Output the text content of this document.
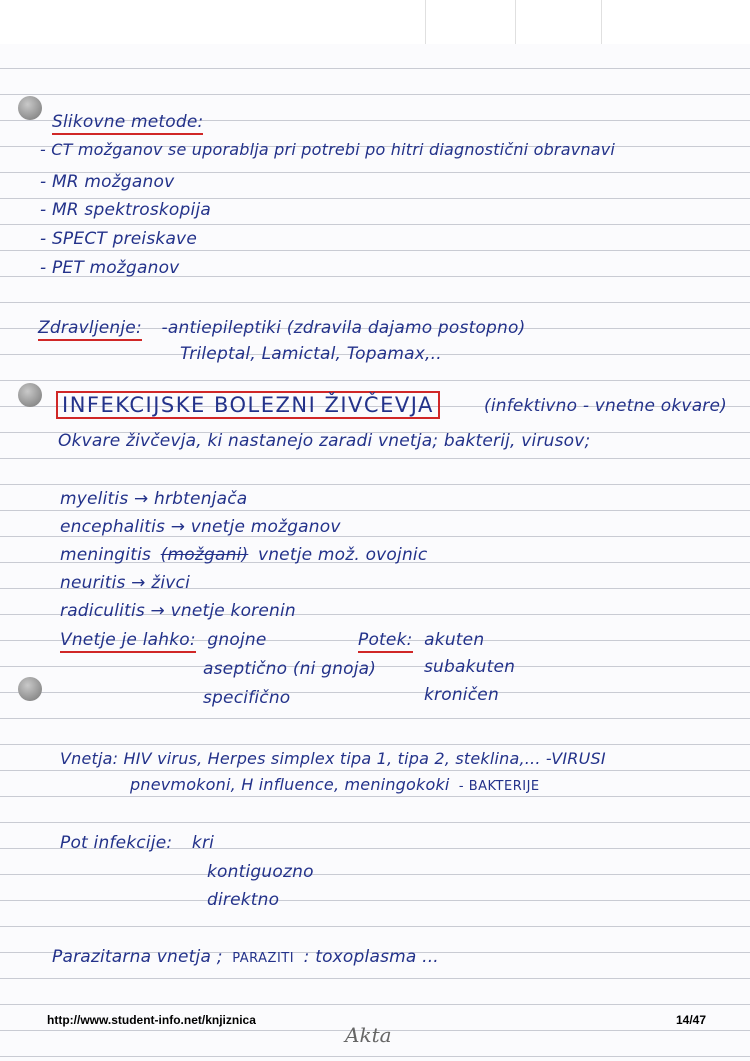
Slikovne metode:
- CT možganov se uporablja pri potrebi po hitri diagnostični obravnavi
- MR možganov
- MR spektroskopija
- SPECT preiskave
- PET možganov
Zdravljenje: -antiepileptiki (zdravila dajamo postopno)
Trileptal, Lamictal, Topamax,..
INFEKCIJSKE BOLEZNI ŽIVČEVJA	(infektivno - vnetne okvare)
Okvare živčevja, ki nastanejo zaradi vnetja; bakterij, virusov;
myelitis → hrbtenjača
encephalitis → vnetje možganov
meningitis (možgani) vnetje mož. ovojnic
neuritis → živci
radiculitis → vnetje korenin
Vnetje je lahko: gnojne
aseptično (ni gnoja)
specifično
Potek: akuten
subakuten
kroničen
Vnetja: HIV virus, Herpes simplex tipa 1, tipa 2, steklina,... -VIRUSI
pnevmokoni, H influence, meningokoki - BAKTERIJE
Pot infekcije: kri
kontiguozno
direktno
Parazitarna vnetja ; PARAZITI : toxoplasma ...
http://www.student-info.net/knjiznica	14/47
Akta
